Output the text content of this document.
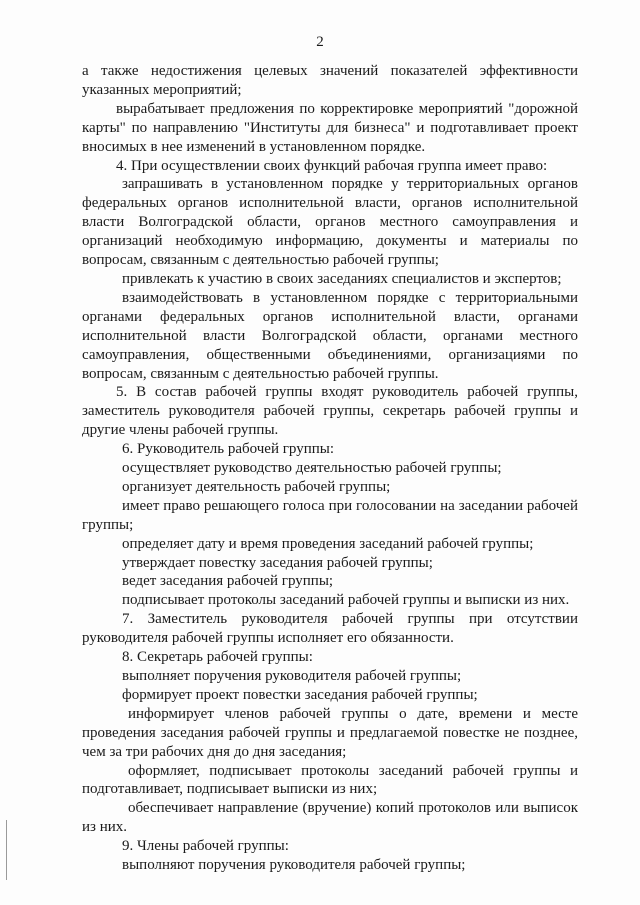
2

а также недостижения целевых значений показателей эффективности указанных мероприятий;

вырабатывает предложения по корректировке мероприятий "дорожной карты" по направлению "Институты для бизнеса" и подготавливает проект вносимых в нее изменений в установленном порядке.

4. При осуществлении своих функций рабочая группа имеет право:

запрашивать в установленном порядке у территориальных органов федеральных органов исполнительной власти, органов исполнительной власти Волгоградской области, органов местного самоуправления и организаций необходимую информацию, документы и материалы по вопросам, связанным с деятельностью рабочей группы;

привлекать к участию в своих заседаниях специалистов и экспертов;

взаимодействовать в установленном порядке с территориальными органами федеральных органов исполнительной власти, органами исполнительной власти Волгоградской области, органами местного самоуправления, общественными объединениями, организациями по вопросам, связанным с деятельностью рабочей группы.

5. В состав рабочей группы входят руководитель рабочей группы, заместитель руководителя рабочей группы, секретарь рабочей группы и другие члены рабочей группы.

6. Руководитель рабочей группы:

осуществляет руководство деятельностью рабочей группы;

организует деятельность рабочей группы;

имеет право решающего голоса при голосовании на заседании рабочей группы;

определяет дату и время проведения заседаний рабочей группы;

утверждает повестку заседания рабочей группы;

ведет заседания рабочей группы;

подписывает протоколы заседаний рабочей группы и выписки из них.

7. Заместитель руководителя рабочей группы при отсутствии руководителя рабочей группы исполняет его обязанности.

8. Секретарь рабочей группы:

выполняет поручения руководителя рабочей группы;

формирует проект повестки заседания рабочей группы;

информирует членов рабочей группы о дате, времени и месте проведения заседания рабочей группы и предлагаемой повестке не позднее, чем за три рабочих дня до дня заседания;

оформляет, подписывает протоколы заседаний рабочей группы и подготавливает, подписывает выписки из них;

обеспечивает направление (вручение) копий протоколов или выписок из них.

9. Члены рабочей группы:

выполняют поручения руководителя рабочей группы;
